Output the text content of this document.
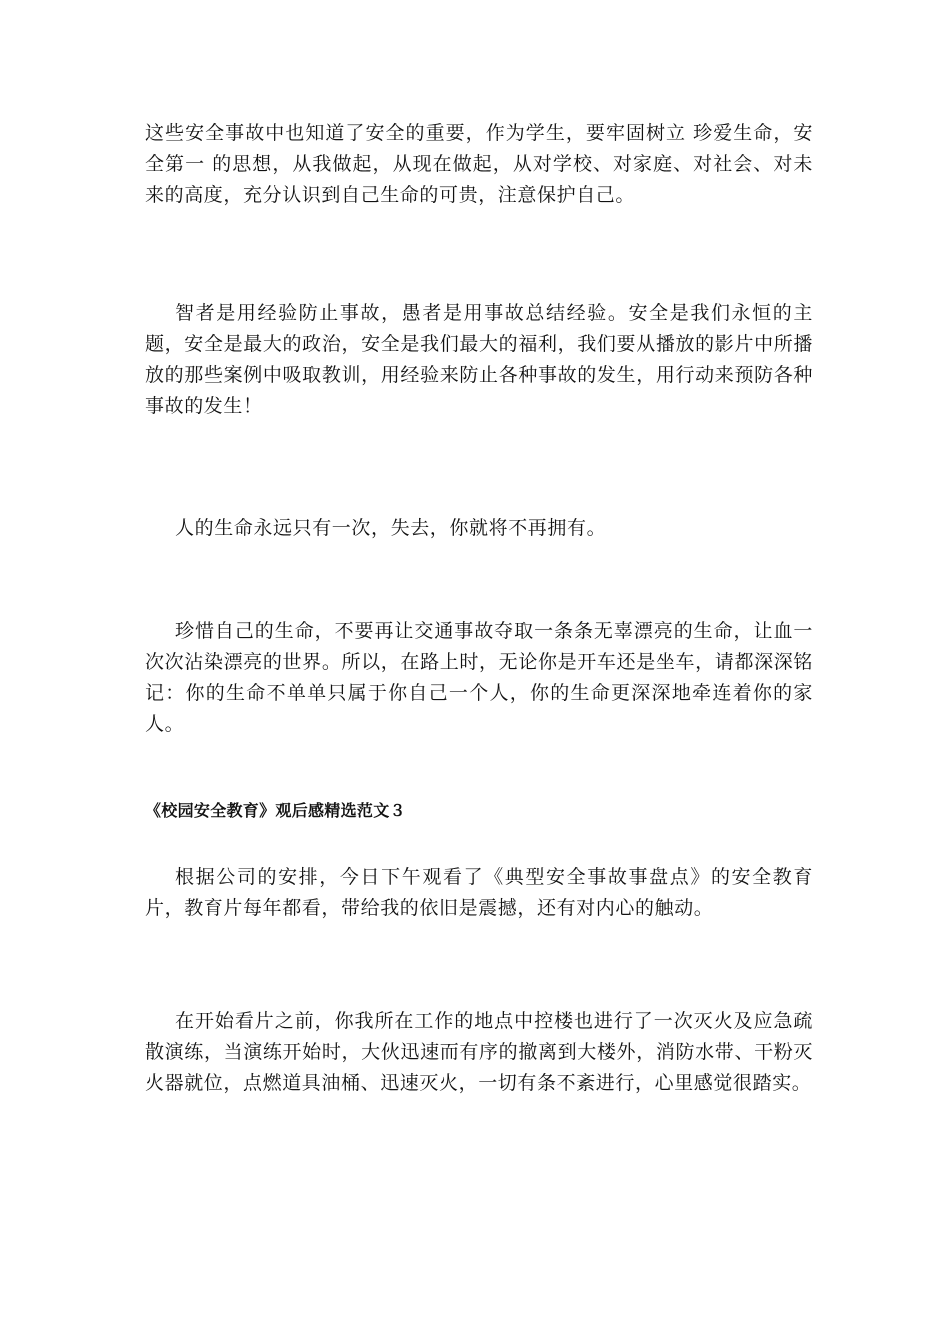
这些安全事故中也知道了安全的重要，作为学生，要牢固树立 珍爱生命，安全第一 的思想，从我做起，从现在做起，从对学校、对家庭、对社会、对未来的高度，充分认识到自己生命的可贵，注意保护自己。

智者是用经验防止事故，愚者是用事故总结经验。安全是我们永恒的主题，安全是最大的政治，安全是我们最大的福利，我们要从播放的影片中所播放的那些案例中吸取教训，用经验来防止各种事故的发生，用行动来预防各种事故的发生！

人的生命永远只有一次，失去，你就将不再拥有。

珍惜自己的生命，不要再让交通事故夺取一条条无辜漂亮的生命，让血一次次沾染漂亮的世界。所以，在路上时，无论你是开车还是坐车，请都深深铭记：你的生命不单单只属于你自己一个人，你的生命更深深地牵连着你的家人。

《校园安全教育》观后感精选范文３

根据公司的安排，今日下午观看了《典型安全事故事盘点》的安全教育片，教育片每年都看，带给我的依旧是震撼，还有对内心的触动。

在开始看片之前，你我所在工作的地点中控楼也进行了一次灭火及应急疏散演练，当演练开始时，大伙迅速而有序的撤离到大楼外，消防水带、干粉灭火器就位，点燃道具油桶、迅速灭火，一切有条不紊进行，心里感觉很踏实。
